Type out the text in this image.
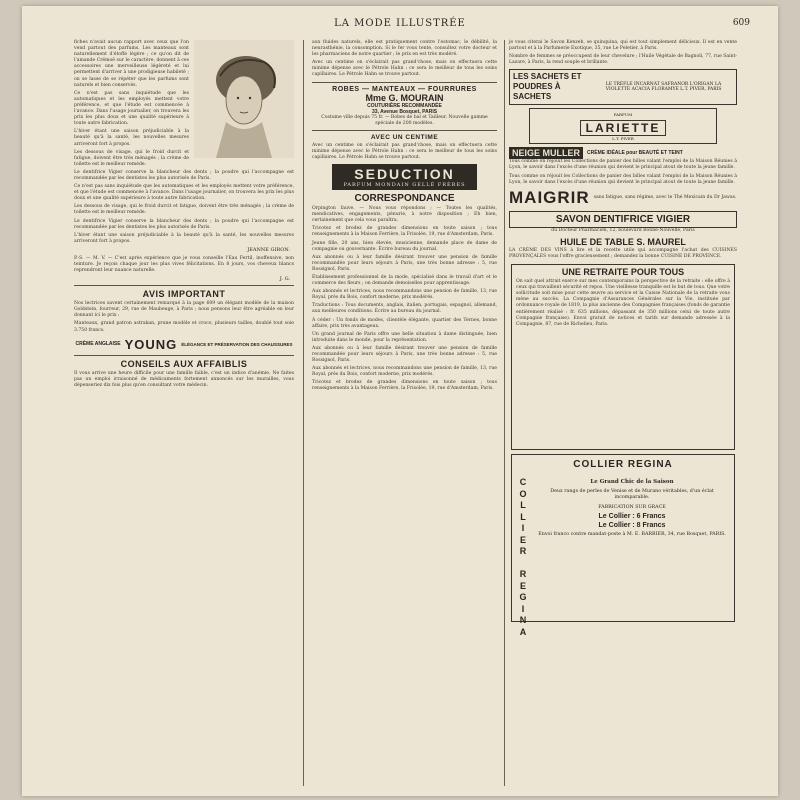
LA MODE ILLUSTRÉE	609

fiches n'avait aucun rapport avec ceux que l'on vend partout des parfums. Les manteaux sont naturellement d'étoffe légère ; ce qu'on dit de l'amande Crémoë sur le caractère, donnent à ces accessoires une merveilleuse légèreté et lui permettent d'arriver à une prodigieuse habileté ; on se lasse de se répéter que les parfums sont naturels et bien conservés.

Ce n'est pas sans inquiétude que les automatiques et les employés mettent votre préférence, et que l'étude est commencée à l'avance. Dans l'usage journalier, on trouvera les prix les plus doux et une qualité supérieure à toute autre fabrication.

L'hiver étant une saison préjudiciable à la beauté qu'à la santé, les nouvelles mesures arriveront fort à propos.

Les dessous de visage, qui le froid durcit et fatigue, doivent être très ménagés ; la crème de toilette est le meilleur remède.

Le dentifrice Vigier conserve la blancheur des dents ; la poudre qui l'accompagne est recommandée par les dentistes les plus autorisés de Paris.

Ce n'est pas sans inquiétude que les automatiques et les employés mettent votre préférence, et que l'étude est commencée à l'avance. Dans l'usage journalier, on trouvera les prix les plus doux et une qualité supérieure à toute autre fabrication.

Les dessous de visage, qui le froid durcit et fatigue, doivent être très ménagés ; la crème de toilette est le meilleur remède.

Le dentifrice Vigier conserve la blancheur des dents ; la poudre qui l'accompagne est recommandée par les dentistes les plus autorisés de Paris.

L'hiver étant une saison préjudiciable à la beauté qu'à la santé, les nouvelles mesures arriveront fort à propos.

JEANNE GIRON.

P.-S. — M. V. — C'est après expérience que je vous conseille l'Eau Fertil, inoffensive, non teinture. Je reçois chaque jour les plus vives félicitations. En 8 jours, vos cheveux blancs reprendront leur nuance naturelle.

J. G.
AVIS IMPORTANT

Nos lectrices savent certainement remarqué à la page 609 un élégant modèle de la maison Goldstein, fourreur, 29, rue de Maubeuge, à Paris ; nous pensons leur être agréable en leur donnant ici le prix :

Manteaux, grand patron astrakan, prune modèle et croco, plusieurs tailles, doublé tout soie 3.750 francs.

CRÈME ANGLAISE YOUNG ÉLÉGANCE ET PRÉSERVATION DES CHAUSSURES
CONSEILS AUX AFFAIBLIS

Il vous arrive une heure difficile pour une famille faible, c'est un indice d'anémie. Ne faites pas un emploi irraisonné de médicaments fortement annoncés sur les murailles, vous dépenseriez dix fois plus qu'en consultant votre médecin.

aux fluides naturels, elle est pratiquement contre l'estomac, le débilité, la neurasthénie, la consomption. Si le fer vous tente, consultez votre docteur et les pharmaciens de notre quartier ; le prix en est très modéré.

Avec un centime on s'éclairait pas grand'chose, mais on effectuera cette minime dépense avec le Pétrole Hahn : ce sera le meilleur de tous les soins capillaires. Le Pétrole Hahn se trouve partout.

ROBES — MANTEAUX — FOURRURES
Mme G. MOURAIN
COUTURIÈRE RECOMMANDÉE
33, Avenue Bosquet, PARIS

Costume ville depuis 75 fr. — Robes de bal et Tailleur. Nouvelle gamme spéciale de 200 modèles.

AVEC UN CENTIME

Avec un centime on s'éclairait pas grand'chose, mais on effectuera cette minime dépense avec le Pétrole Hahn : ce sera le meilleur de tous les soins capillaires. Le Pétrole Hahn se trouve partout.

SEDUCTION
PARFUM MONDAIN GELLÉ FRÈRES
CORRESPONDANCE

Orpington fauve. — Nous vous répondons ; — Toutes les qualités, mendicatives, engagements, pénurie, à notre disposition ; Eh bien, certainement que cela vous paraîtra.

Tricotez et brodez de grandes dimensions en toute saison ; tous renseignements à la Maison Ferrière, la Frisolée, 19, rue d'Amsterdam, Paris.

Jeune fille, 20 ans, bien élevée, musicienne, demande place de dame de compagnie ou gouvernante. Écrire bureau du journal.

Aux abonnés ou à leur famille désirant trouver une pension de famille recommandée pour leurs séjours à Paris, une très bonne adresse : 5, rue Rossignol, Paris.

Établissement professionnel de la mode, spécialisé dans le travail d'art et le commerce des fleurs ; on demande demoiselles pour apprentissage.

Aux abonnés et lectrices, nous recommandons une pension de famille, 13, rue Royal, près du Bois, confort moderne, prix modérés.

Traductions : Tous documents, anglais, italien, portugais, espagnol, allemand, aux meilleures conditions. Écrire au bureau du journal.

À céder : Un fonds de modes, clientèle élégante, quartier des Ternes, bonne affaire, prix très avantageux.

Un grand journal de Paris offre une belle situation à dame distinguée, bien introduite dans le monde, pour la représentation.

Aux abonnés ou à leur famille désirant trouver une pension de famille recommandée pour leurs séjours à Paris, une très bonne adresse : 5, rue Rossignol, Paris.

Aux abonnés et lectrices, nous recommandons une pension de famille, 13, rue Royal, près du Bois, confort moderne, prix modérés.

Tricotez et brodez de grandes dimensions en toute saison ; tous renseignements à la Maison Ferrière, la Frisolée, 19, rue d'Amsterdam, Paris.

je vous citerai le Savon Kenzeh, se quinquina, qui est tout simplement délicieux. Il est en vente partout et à la Parfumerie Exotique, 35, rue Le Peletier, à Paris.

Nombre de femmes se préoccupent de leur chevelure ; l'Huile Végétale de Bagnoli, 77, rue Saint-Lazare, à Paris, la rend souple et brillante.

LES SACHETS ET POUDRES À SACHETS
LE TRÈFLE INCARNAT SAFRANOR L'ORIGAN LA VIOLETTE ACACIA FLORAMYE L.T. PIVER, PARIS
PARFUM
LARIETTE
L.T. PIVER
NEIGE MULLER	CRÈME IDÉALE pour BEAUTÉ ET TEINT

Tous comme on réjouit les Collections de panier des billes valant l'emploi de la Maison Réunies à Lyon, le savoir dans l'excès d'une réunion qui devient le principal atout de toute la jeune famille.

Tous comme on réjouit les Collections de panier des billes valant l'emploi de la Maison Réunies à Lyon, le savoir dans l'excès d'une réunion qui devient le principal atout de toute la jeune famille.

MAIGRIR sans fatigue, sans régime, avec le Thé Mexicain du Dr Jawas.
SAVON DENTIFRICE VIGIER
du Docteur Pharmacien, 12, boulevard Bonne-Nouvelle, Paris
HUILE DE TABLE S. MAUREL

LA CRÈME DES VINS à lire et la recette utile qui accompagne l'achat des CUISINES PROVENÇALES vous l'offre gracieusement ; demandez la bonne CUISINE DE PROVENCE.

UNE RETRAITE POUR TOUS

On sait quel attrait exerce sur mes contemporains la perspective de la retraite : elle offre à ceux qui travaillent sécurité et repos. Une vieillesse tranquille est le but de tous. Que votre sollicitude soit mise pour cette œuvre au service et la Caisse Nationale de la retraite vous mène au succès. La Compagnie d'Assurances Générales sur la Vie, instituée par ordonnance royale de 1819, la plus ancienne des Compagnies françaises (fonds de garantie entièrement réalisé : fr. 635 millions, dépassant de 350 millions celui de toute autre Compagnie française). Envoi gratuit de notices et tarifs sur demande adressée à la Compagnie, 87, rue de Richelieu, Paris.

COLLIER REGINA
C
O
L
L
I
E
R

R
E
G
I
N
A
Le Grand Chic de la Saison
Deux rangs de perles de Venise et de Murano véritables, d'un éclat incomparable.
FABRICATION SUR GRACE
Le Collier : 6 Francs
Le Collier : 8 Francs
Envoi franco contre mandat-poste à M. E. BARBIER, 34, rue Bosquet, PARIS.
